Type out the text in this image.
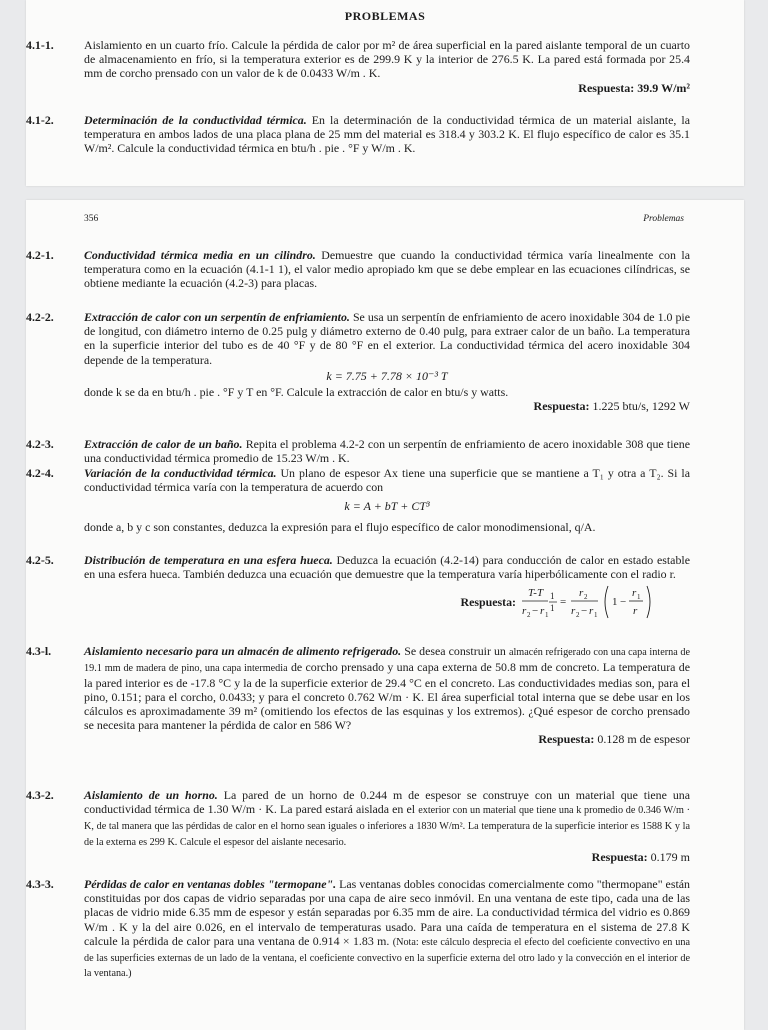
PROBLEMAS
4.1-1.	Aislamiento en un cuarto frío. Calcule la pérdida de calor por m² de área superficial en la pared aislante temporal de un cuarto de almacenamiento en frío, si la temperatura exterior es de 299.9 K y la interior de 276.5 K. La pared está formada por 25.4 mm de corcho prensado con un valor de k de 0.0433 W/m . K.

Respuesta: 39.9 W/m²
4.1-2.	Determinación de la conductividad térmica. En la determinación de la conductividad térmica de un material aislante, la temperatura en ambos lados de una placa plana de 25 mm del material es 318.4 y 303.2 K. El flujo específico de calor es 35.1 W/m². Calcule la conductividad térmica en btu/h . pie . °F y W/m . K.

356	Problemas
4.2-1.	Conductividad térmica media en un cilindro. Demuestre que cuando la conductividad térmica varía linealmente con la temperatura como en la ecuación (4.1-1 1), el valor medio apropiado km que se debe emplear en las ecuaciones cilíndricas, se obtiene mediante la ecuación (4.2-3) para placas.

4.2-2.	Extracción de calor con un serpentín de enfriamiento. Se usa un serpentín de enfriamiento de acero inoxidable 304 de 1.0 pie de longitud, con diámetro interno de 0.25 pulg y diámetro externo de 0.40 pulg, para extraer calor de un baño. La temperatura en la superficie interior del tubo es de 40 °F y de 80 °F en el exterior. La conductividad térmica del acero inoxidable 304 depende de la temperatura.

k = 7.75 + 7.78 × 10⁻³ T

donde k se da en btu/h . pie . °F y T en °F. Calcule la extracción de calor en btu/s y watts.

Respuesta: 1.225 btu/s, 1292 W
4.2-3.	Extracción de calor de un baño. Repita el problema 4.2-2 con un serpentín de enfriamiento de acero inoxidable 308 que tiene una conductividad térmica promedio de 15.23 W/m . K.

4.2-4.	Variación de la conductividad térmica. Un plano de espesor Ax tiene una superficie que se mantiene a T₁ y otra a T₂. Si la conductividad térmica varía con la temperatura de acuerdo con

k = A + bT + CT³

donde a, b y c son constantes, deduzca la expresión para el flujo específico de calor monodimensional, q/A.

4.2-5.	Distribución de temperatura en una esfera hueca. Deduzca la ecuación (4.2-14) para conducción de calor en estado estable en una esfera hueca. También deduzca una ecuación que demuestre que la temperatura varía hiperbólicamente con el radio r.

Respuesta:
T-T
r 2 − r 1
1
1 =
r 2
r 2 − r 1
1 −
r 1
r
4.3-l.	Aislamiento necesario para un almacén de alimento refrigerado. Se desea construir un almacén refrigerado con una capa interna de 19.1 mm de madera de pino, una capa intermedia de corcho prensado y una capa externa de 50.8 mm de concreto. La temperatura de la pared interior es de -17.8 °C y la de la superficie exterior de 29.4 °C en el concreto. Las conductividades medias son, para el pino, 0.151; para el corcho, 0.0433; y para el concreto 0.762 W/m · K. El área superficial total interna que se debe usar en los cálculos es aproximadamente 39 m² (omitiendo los efectos de las esquinas y los extremos). ¿Qué espesor de corcho prensado se necesita para mantener la pérdida de calor en 586 W?

Respuesta: 0.128 m de espesor
4.3-2.	Aislamiento de un horno. La pared de un horno de 0.244 m de espesor se construye con un material que tiene una conductividad térmica de 1.30 W/m · K. La pared estará aislada en el exterior con un material que tiene una k promedio de 0.346 W/m · K, de tal manera que las pérdidas de calor en el horno sean iguales o inferiores a 1830 W/m². La temperatura de la superficie interior es 1588 K y la de la externa es 299 K. Calcule el espesor del aislante necesario.

Respuesta: 0.179 m
4.3-3.	Pérdidas de calor en ventanas dobles "termopane". Las ventanas dobles conocidas comercialmente como "thermopane" están constituidas por dos capas de vidrio separadas por una capa de aire seco inmóvil. En una ventana de este tipo, cada una de las placas de vidrio mide 6.35 mm de espesor y están separadas por 6.35 mm de aire. La conductividad térmica del vidrio es 0.869 W/m . K y la del aire 0.026, en el intervalo de temperaturas usado. Para una caída de temperatura en el sistema de 27.8 K calcule la pérdida de calor para una ventana de 0.914 × 1.83 m. (Nota: este cálculo desprecia el efecto del coeficiente convectivo en una de las superficies externas de un lado de la ventana, el coeficiente convectivo en la superficie externa del otro lado y la convección en el interior de la ventana.)
